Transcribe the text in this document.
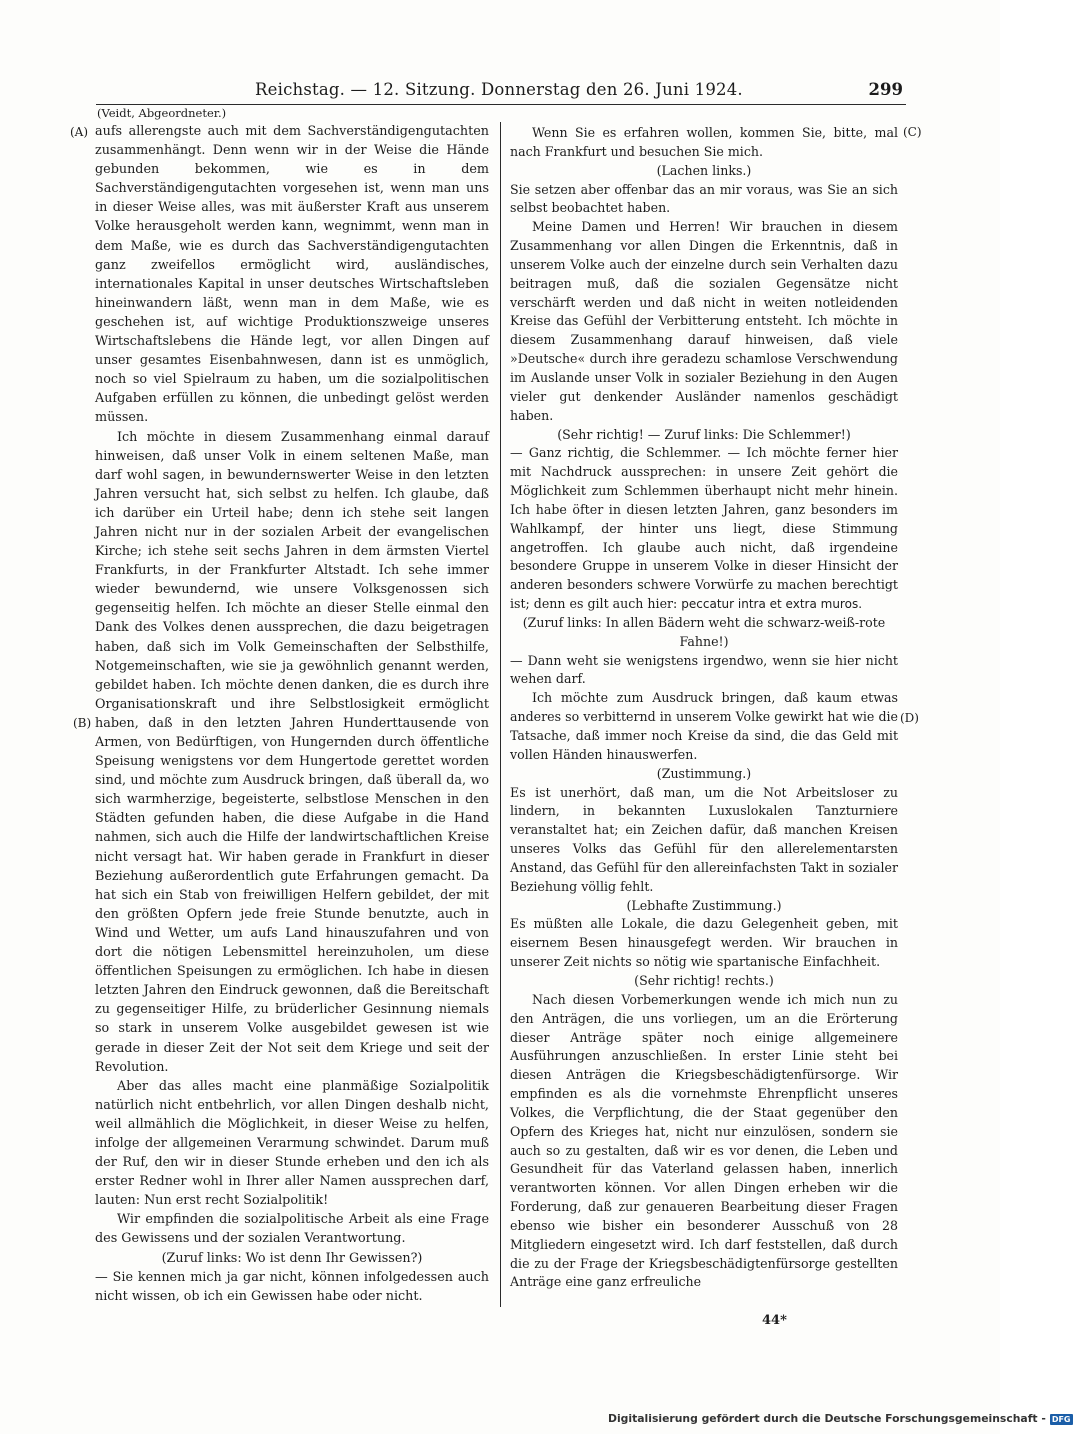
Reichstag. — 12. Sitzung. Donnerstag den 26. Juni 1924.	299
(A)
(B)
(C)
(D)
(Veidt, Abgeordneter.)

aufs allerengste auch mit dem Sachverständigengutachten zusammenhängt. Denn wenn wir in der Weise die Hände gebunden bekommen, wie es in dem Sachverständigengutachten vorgesehen ist, wenn man uns in dieser Weise alles, was mit äußerster Kraft aus unserem Volke herausgeholt werden kann, wegnimmt, wenn man in dem Maße, wie es durch das Sachverständigengutachten ganz zweifellos ermöglicht wird, ausländisches, internationales Kapital in unser deutsches Wirtschaftsleben hineinwandern läßt, wenn man in dem Maße, wie es geschehen ist, auf wichtige Produktionszweige unseres Wirtschaftslebens die Hände legt, vor allen Dingen auf unser gesamtes Eisenbahnwesen, dann ist es unmöglich, noch so viel Spielraum zu haben, um die sozialpolitischen Aufgaben erfüllen zu können, die unbedingt gelöst werden müssen.

Ich möchte in diesem Zusammenhang einmal darauf hinweisen, daß unser Volk in einem seltenen Maße, man darf wohl sagen, in bewundernswerter Weise in den letzten Jahren versucht hat, sich selbst zu helfen. Ich glaube, daß ich darüber ein Urteil habe; denn ich stehe seit langen Jahren nicht nur in der sozialen Arbeit der evangelischen Kirche; ich stehe seit sechs Jahren in dem ärmsten Viertel Frankfurts, in der Frankfurter Altstadt. Ich sehe immer wieder bewundernd, wie unsere Volksgenossen sich gegenseitig helfen. Ich möchte an dieser Stelle einmal den Dank des Volkes denen aussprechen, die dazu beigetragen haben, daß sich im Volk Gemeinschaften der Selbsthilfe, Notgemeinschaften, wie sie ja gewöhnlich genannt werden, gebildet haben. Ich möchte denen danken, die es durch ihre Organisationskraft und ihre Selbstlosigkeit ermöglicht haben, daß in den letzten Jahren Hunderttausende von Armen, von Bedürftigen, von Hungernden durch öffentliche Speisung wenigstens vor dem Hungertode gerettet worden sind, und möchte zum Ausdruck bringen, daß überall da, wo sich warmherzige, begeisterte, selbstlose Menschen in den Städten gefunden haben, die diese Aufgabe in die Hand nahmen, sich auch die Hilfe der landwirtschaftlichen Kreise nicht versagt hat. Wir haben gerade in Frankfurt in dieser Beziehung außerordentlich gute Erfahrungen gemacht. Da hat sich ein Stab von freiwilligen Helfern gebildet, der mit den größten Opfern jede freie Stunde benutzte, auch in Wind und Wetter, um aufs Land hinauszufahren und von dort die nötigen Lebensmittel hereinzuholen, um diese öffentlichen Speisungen zu ermöglichen. Ich habe in diesen letzten Jahren den Eindruck gewonnen, daß die Bereitschaft zu gegenseitiger Hilfe, zu brüderlicher Gesinnung niemals so stark in unserem Volke ausgebildet gewesen ist wie gerade in dieser Zeit der Not seit dem Kriege und seit der Revolution.

Aber das alles macht eine planmäßige Sozialpolitik natürlich nicht entbehrlich, vor allen Dingen deshalb nicht, weil allmählich die Möglichkeit, in dieser Weise zu helfen, infolge der allgemeinen Verarmung schwindet. Darum muß der Ruf, den wir in dieser Stunde erheben und den ich als erster Redner wohl in Ihrer aller Namen aussprechen darf, lauten: Nun erst recht Sozialpolitik!

Wir empfinden die sozialpolitische Arbeit als eine Frage des Gewissens und der sozialen Verantwortung.

(Zuruf links: Wo ist denn Ihr Gewissen?)

— Sie kennen mich ja gar nicht, können infolgedessen auch nicht wissen, ob ich ein Gewissen habe oder nicht.

Wenn Sie es erfahren wollen, kommen Sie, bitte, mal nach Frankfurt und besuchen Sie mich.

(Lachen links.)

Sie setzen aber offenbar das an mir voraus, was Sie an sich selbst beobachtet haben.

Meine Damen und Herren! Wir brauchen in diesem Zusammenhang vor allen Dingen die Erkenntnis, daß in unserem Volke auch der einzelne durch sein Verhalten dazu beitragen muß, daß die sozialen Gegensätze nicht verschärft werden und daß nicht in weiten notleidenden Kreise das Gefühl der Verbitterung entsteht. Ich möchte in diesem Zusammenhang darauf hinweisen, daß viele »Deutsche« durch ihre geradezu schamlose Verschwendung im Auslande unser Volk in sozialer Beziehung in den Augen vieler gut denkender Ausländer namenlos geschädigt haben.

(Sehr richtig! — Zuruf links: Die Schlemmer!)

— Ganz richtig, die Schlemmer. — Ich möchte ferner hier mit Nachdruck aussprechen: in unsere Zeit gehört die Möglichkeit zum Schlemmen überhaupt nicht mehr hinein. Ich habe öfter in diesen letzten Jahren, ganz besonders im Wahlkampf, der hinter uns liegt, diese Stimmung angetroffen. Ich glaube auch nicht, daß irgendeine besondere Gruppe in unserem Volke in dieser Hinsicht der anderen besonders schwere Vorwürfe zu machen berechtigt ist; denn es gilt auch hier: peccatur intra et extra muros.

(Zuruf links: In allen Bädern weht die schwarz-weiß-rote Fahne!)

— Dann weht sie wenigstens irgendwo, wenn sie hier nicht wehen darf.

Ich möchte zum Ausdruck bringen, daß kaum etwas anderes so verbitternd in unserem Volke gewirkt hat wie die Tatsache, daß immer noch Kreise da sind, die das Geld mit vollen Händen hinauswerfen.

(Zustimmung.)

Es ist unerhört, daß man, um die Not Arbeitsloser zu lindern, in bekannten Luxuslokalen Tanzturniere veranstaltet hat; ein Zeichen dafür, daß manchen Kreisen unseres Volks das Gefühl für den allerelementarsten Anstand, das Gefühl für den allereinfachsten Takt in sozialer Beziehung völlig fehlt.

(Lebhafte Zustimmung.)

Es müßten alle Lokale, die dazu Gelegenheit geben, mit eisernem Besen hinausgefegt werden. Wir brauchen in unserer Zeit nichts so nötig wie spartanische Einfachheit.

(Sehr richtig! rechts.)

Nach diesen Vorbemerkungen wende ich mich nun zu den Anträgen, die uns vorliegen, um an die Erörterung dieser Anträge später noch einige allgemeinere Ausführungen anzuschließen. In erster Linie steht bei diesen Anträgen die Kriegsbeschädigtenfürsorge. Wir empfinden es als die vornehmste Ehrenpflicht unseres Volkes, die Verpflichtung, die der Staat gegenüber den Opfern des Krieges hat, nicht nur einzulösen, sondern sie auch so zu gestalten, daß wir es vor denen, die Leben und Gesundheit für das Vaterland gelassen haben, innerlich verantworten können. Vor allen Dingen erheben wir die Forderung, daß zur genaueren Bearbeitung dieser Fragen ebenso wie bisher ein besonderer Ausschuß von 28 Mitgliedern eingesetzt wird. Ich darf feststellen, daß durch die zu der Frage der Kriegsbeschädigtenfürsorge gestellten Anträge eine ganz erfreuliche

44*
Digitalisierung gefördert durch die Deutsche Forschungsgemeinschaft - DFG
